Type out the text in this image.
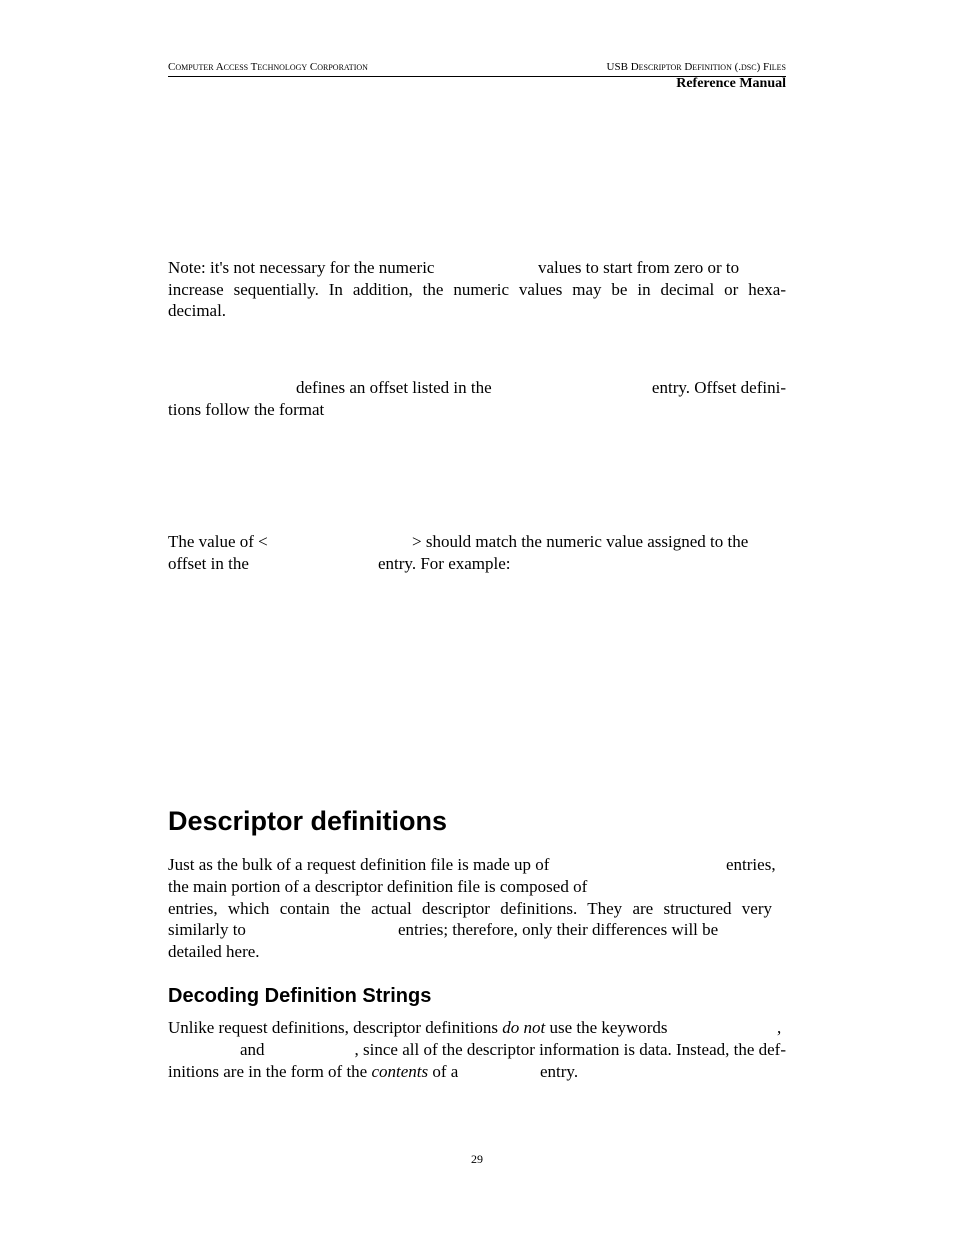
Computer Access Technology Corporation	USB Descriptor Definition (.dsc) Files
Reference Manual
Note: it's not necessary for the numeric	values to start from zero or to
increase sequentially. In addition, the numeric values may be in decimal or hexa-
decimal.
defines an offset listed in the	entry. Offset defini-
tions follow the format
The value of <	> should match the numeric value assigned to the
offset in the	entry. For example:
Descriptor definitions
Just as the bulk of a request definition file is made up of	entries,
the main portion of a descriptor definition file is composed of
entries, which contain the actual descriptor definitions. They are structured very
similarly to	entries; therefore, only their differences will be
detailed here.
Decoding Definition Strings
Unlike request definitions, descriptor definitions do not use the keywords	,
and	, since all of the descriptor information is data. Instead, the def-
initions are in the form of the contents of a	entry.
29
